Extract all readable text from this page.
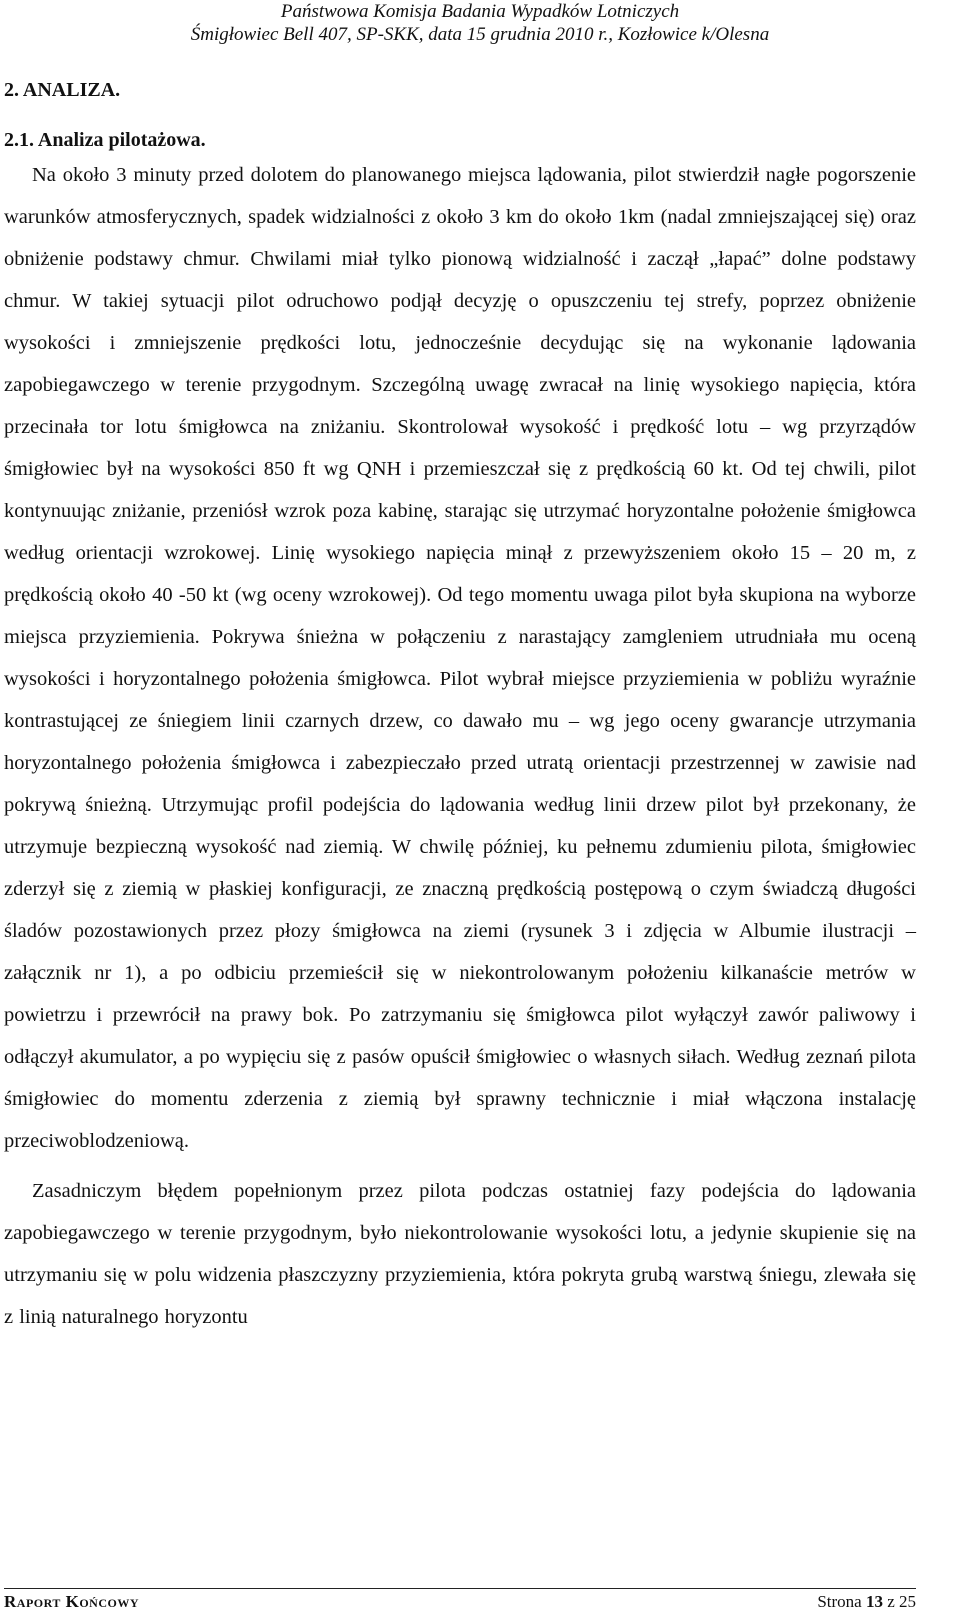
Państwowa Komisja Badania Wypadków Lotniczych
Śmigłowiec Bell 407, SP-SKK, data 15 grudnia 2010 r., Kozłowice k/Olesna

2. ANALIZA.

2.1. Analiza pilotażowa.

Na około 3 minuty przed dolotem do planowanego miejsca lądowania, pilot stwierdził nagłe pogorszenie warunków atmosferycznych, spadek widzialności z około 3 km do około 1km (nadal zmniejszającej się) oraz obniżenie podstawy chmur. Chwilami miał tylko pionową widzialność i zaczął „łapać” dolne podstawy chmur. W takiej sytuacji pilot odruchowo podjął decyzję o opuszczeniu tej strefy, poprzez obniżenie wysokości i zmniejszenie prędkości lotu, jednocześnie decydując się na wykonanie lądowania zapobiegawczego w terenie przygodnym. Szczególną uwagę zwracał na linię wysokiego napięcia, która przecinała tor lotu śmigłowca na zniżaniu. Skontrolował wysokość i prędkość lotu – wg przyrządów śmigłowiec był na wysokości 850 ft wg QNH i przemieszczał się z prędkością 60 kt. Od tej chwili, pilot kontynuując zniżanie, przeniósł wzrok poza kabinę, starając się utrzymać horyzontalne położenie śmigłowca według orientacji wzrokowej. Linię wysokiego napięcia minął z przewyższeniem około 15 – 20 m, z prędkością około 40 -50 kt (wg oceny wzrokowej). Od tego momentu uwaga pilot była skupiona na wyborze miejsca przyziemienia. Pokrywa śnieżna w połączeniu z narastający zamgleniem utrudniała mu oceną wysokości i horyzontalnego położenia śmigłowca. Pilot wybrał miejsce przyziemienia w pobliżu wyraźnie kontrastującej ze śniegiem linii czarnych drzew, co dawało mu – wg jego oceny gwarancje utrzymania horyzontalnego położenia śmigłowca i zabezpieczało przed utratą orientacji przestrzennej w zawisie nad pokrywą śnieżną. Utrzymując profil podejścia do lądowania według linii drzew pilot był przekonany, że utrzymuje bezpieczną wysokość nad ziemią. W chwilę później, ku pełnemu zdumieniu pilota, śmigłowiec zderzył się z ziemią w płaskiej konfiguracji, ze znaczną prędkością postępową o czym świadczą długości śladów pozostawionych przez płozy śmigłowca na ziemi (rysunek 3 i zdjęcia w Albumie ilustracji – załącznik nr 1), a po odbiciu przemieścił się w niekontrolowanym położeniu kilkanaście metrów w powietrzu i przewrócił na prawy bok. Po zatrzymaniu się śmigłowca pilot wyłączył zawór paliwowy i odłączył akumulator, a po wypięciu się z pasów opuścił śmigłowiec o własnych siłach. Według zeznań pilota śmigłowiec do momentu zderzenia z ziemią był sprawny technicznie i miał włączona instalację przeciwoblodzeniową.

Zasadniczym błędem popełnionym przez pilota podczas ostatniej fazy podejścia do lądowania zapobiegawczego w terenie przygodnym, było niekontrolowanie wysokości lotu, a jedynie skupienie się na utrzymaniu się w polu widzenia płaszczyzny przyziemienia, która pokryta grubą warstwą śniegu, zlewała się z linią naturalnego horyzontu

Raport Końcowy	Strona 13 z 25
